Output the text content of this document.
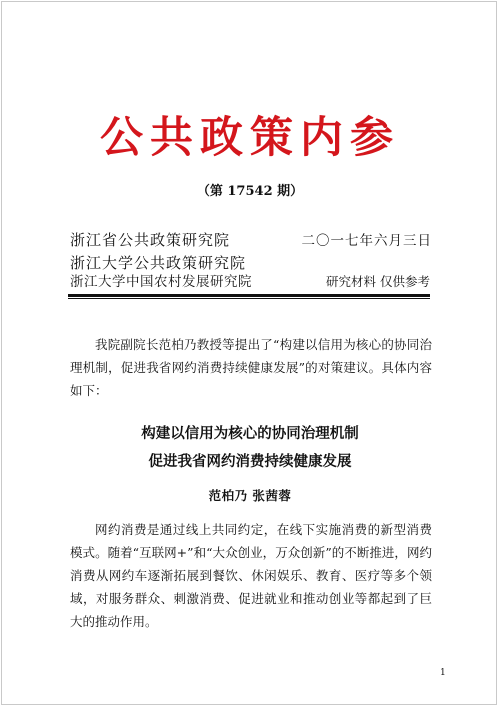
公共政策内参
（第 17542 期）
浙江省公共政策研究院
浙江大学公共政策研究院
浙江大学中国农村发展研究院
二〇一七年六月三日
研究材料 仅供参考

我院副院长范柏乃教授等提出了“构建以信用为核心的协同治理机制，促进我省网约消费持续健康发展”的对策建议。具体内容如下：

构建以信用为核心的协同治理机制
促进我省网约消费持续健康发展
范柏乃 张茜蓉

网约消费是通过线上共同约定，在线下实施消费的新型消费模式。随着“互联网+”和“大众创业，万众创新”的不断推进，网约消费从网约车逐渐拓展到餐饮、休闲娱乐、教育、医疗等多个领域，对服务群众、刺激消费、促进就业和推动创业等都起到了巨大的推动作用。

1
